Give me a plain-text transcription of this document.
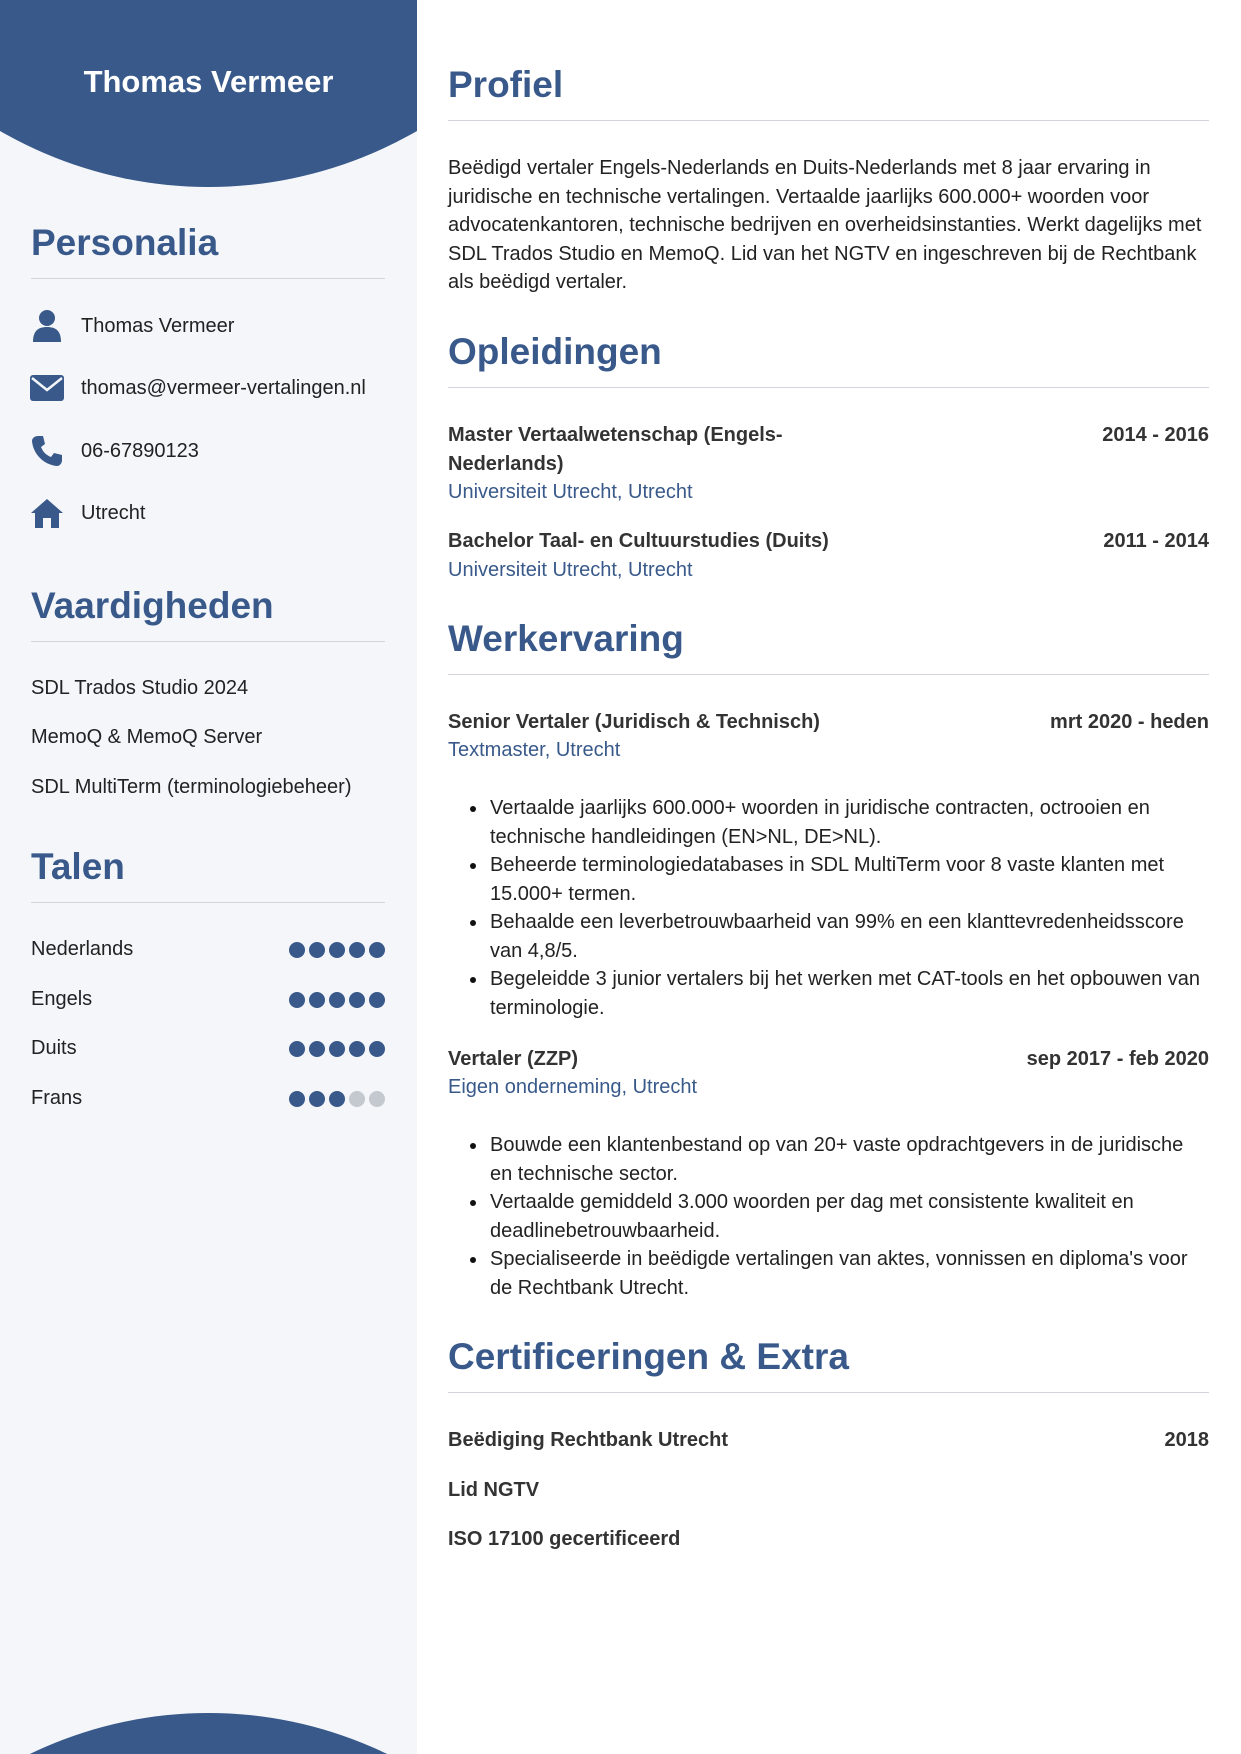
Thomas Vermeer
Personalia
Thomas Vermeer
thomas@vermeer-vertalingen.nl
06-67890123
Utrecht
Vaardigheden
SDL Trados Studio 2024
MemoQ & MemoQ Server
SDL MultiTerm (terminologiebeheer)
Talen
Nederlands
Engels
Duits
Frans
Profiel

Beëdigd vertaler Engels-Nederlands en Duits-Nederlands met 8 jaar ervaring in juridische en technische vertalingen. Vertaalde jaarlijks 600.000+ woorden voor advocatenkantoren, technische bedrijven en overheidsinstanties. Werkt dagelijks met SDL Trados Studio en MemoQ. Lid van het NGTV en ingeschreven bij de Rechtbank als beëdigd vertaler.

Opleidingen
Master Vertaalwetenschap (Engels-Nederlands)
2014 - 2016
Universiteit Utrecht, Utrecht
Bachelor Taal- en Cultuurstudies (Duits)	2011 - 2014
Universiteit Utrecht, Utrecht
Werkervaring
Senior Vertaler (Juridisch & Technisch)	mrt 2020 - heden
Textmaster, Utrecht
Vertaalde jaarlijks 600.000+ woorden in juridische contracten, octrooien en technische handleidingen (EN>NL, DE>NL).
Beheerde terminologiedatabases in SDL MultiTerm voor 8 vaste klanten met 15.000+ termen.
Behaalde een leverbetrouwbaarheid van 99% en een klanttevredenheidsscore van 4,8/5.
Begeleidde 3 junior vertalers bij het werken met CAT-tools en het opbouwen van terminologie.
Vertaler (ZZP)	sep 2017 - feb 2020
Eigen onderneming, Utrecht
Bouwde een klantenbestand op van 20+ vaste opdrachtgevers in de juridische en technische sector.
Vertaalde gemiddeld 3.000 woorden per dag met consistente kwaliteit en deadlinebetrouwbaarheid.
Specialiseerde in beëdigde vertalingen van aktes, vonnissen en diploma's voor de Rechtbank Utrecht.
Certificeringen & Extra
Beëdiging Rechtbank Utrecht	2018
Lid NGTV
ISO 17100 gecertificeerd
